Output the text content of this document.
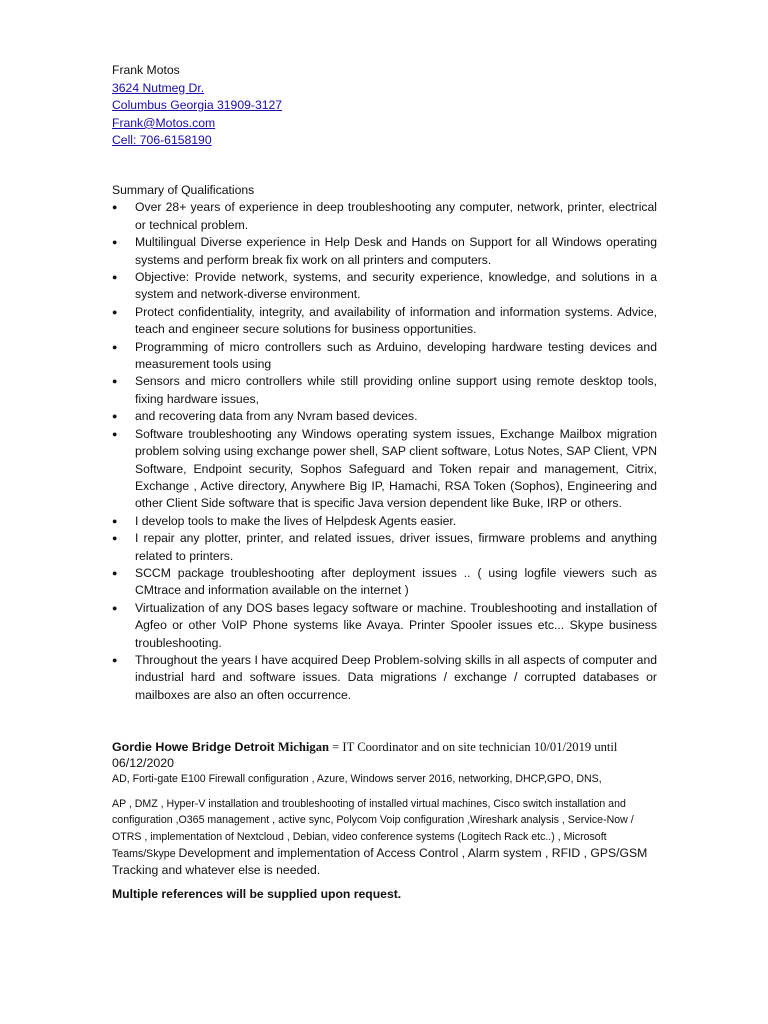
Frank Motos
3624 Nutmeg Dr.
Columbus Georgia 31909-3127
Frank@Motos.com
Cell: 706-6158190
Summary of Qualifications
● Over 28+ years of experience in deep troubleshooting any computer, network, printer, electrical or technical problem.
● Multilingual Diverse experience in Help Desk and Hands on Support for all Windows operating systems and perform break fix work on all printers and computers.
● Objective: Provide network, systems, and security experience, knowledge, and solutions in a system and network-diverse environment.
● Protect confidentiality, integrity, and availability of information and information systems. Advice, teach and engineer secure solutions for business opportunities.
● Programming of micro controllers such as Arduino, developing hardware testing devices and measurement tools using
● Sensors and micro controllers while still providing online support using remote desktop tools, fixing hardware issues,
● and recovering data from any Nvram based devices.
● Software troubleshooting any Windows operating system issues, Exchange Mailbox migration problem solving using exchange power shell, SAP client software, Lotus Notes, SAP Client, VPN Software, Endpoint security, Sophos Safeguard and Token repair and management, Citrix, Exchange , Active directory, Anywhere Big IP, Hamachi, RSA Token (Sophos), Engineering and other Client Side software that is specific Java version dependent like Buke, IRP or others.
● I develop tools to make the lives of Helpdesk Agents easier.
● I repair any plotter, printer, and related issues, driver issues, firmware problems and anything related to printers.
● SCCM package troubleshooting after deployment issues .. ( using logfile viewers such as CMtrace and information available on the internet )
● Virtualization of any DOS bases legacy software or machine. Troubleshooting and installation of Agfeo or other VoIP Phone systems like Avaya. Printer Spooler issues etc... Skype business troubleshooting.
● Throughout the years I have acquired Deep Problem-solving skills in all aspects of computer and industrial hard and software issues. Data migrations / exchange / corrupted databases or mailboxes are also an often occurrence.
Gordie Howe Bridge Detroit Michigan = IT Coordinator and on site technician 10/01/2019 until
06/12/2020
AD, Forti-gate E100 Firewall configuration , Azure, Windows server 2016, networking, DHCP,GPO, DNS,
AP , DMZ , Hyper-V installation and troubleshooting of installed virtual machines, Cisco switch installation and configuration ,O365 management , active sync, Polycom Voip configuration ,Wireshark analysis , Service-Now / OTRS , implementation of Nextcloud , Debian, video conference systems (Logitech Rack etc..) , Microsoft Teams/Skype Development and implementation of Access Control , Alarm system , RFID , GPS/GSM Tracking and whatever else is needed.
Multiple references will be supplied upon request.
